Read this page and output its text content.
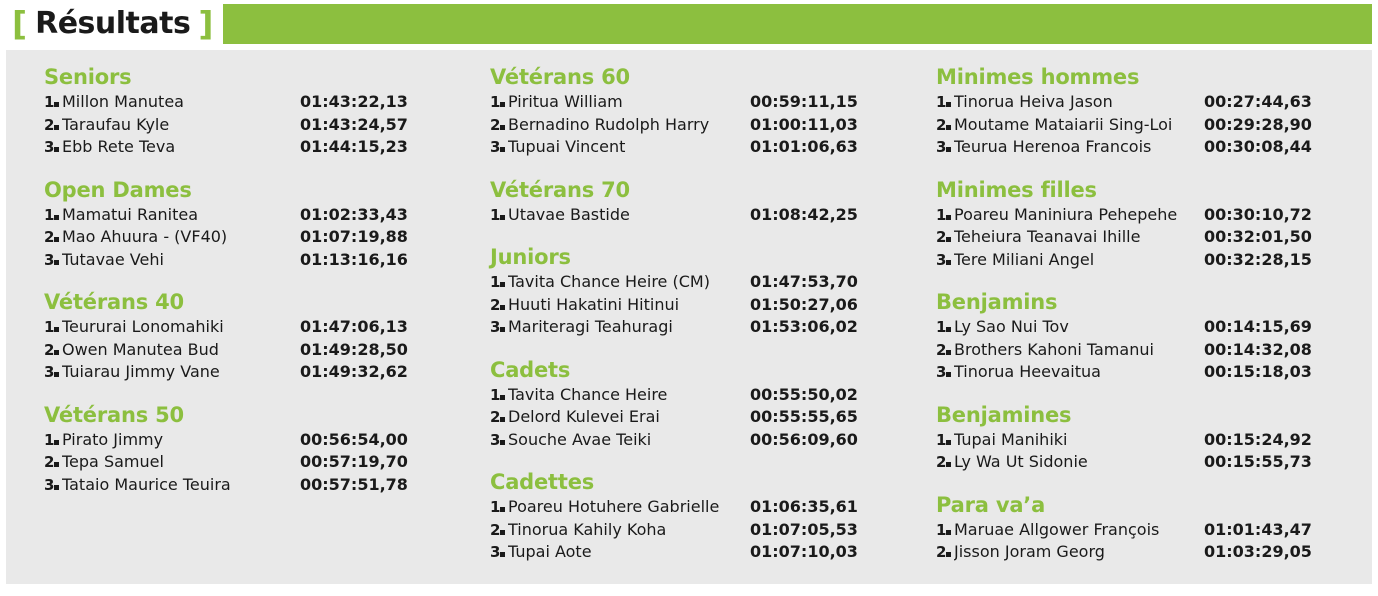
[ Résultats ]
Seniors
1 Millon Manutea	01:43:22,13
2 Taraufau Kyle	01:43:24,57
3 Ebb Rete Teva	01:44:15,23
Open Dames
1 Mamatui Ranitea	01:02:33,43
2 Mao Ahuura - (VF40)	01:07:19,88
3 Tutavae Vehi	01:13:16,16
Vétérans 40
1 Teururai Lonomahiki	01:47:06,13
2 Owen Manutea Bud	01:49:28,50
3 Tuiarau Jimmy Vane	01:49:32,62
Vétérans 50
1 Pirato Jimmy	00:56:54,00
2 Tepa Samuel	00:57:19,70
3 Tataio Maurice Teuira	00:57:51,78
Vétérans 60
1 Piritua William	00:59:11,15
2 Bernadino Rudolph Harry	01:00:11,03
3 Tupuai Vincent	01:01:06,63
Vétérans 70
1 Utavae Bastide	01:08:42,25
Juniors
1 Tavita Chance Heire (CM)	01:47:53,70
2 Huuti Hakatini Hitinui	01:50:27,06
3 Mariteragi Teahuragi	01:53:06,02
Cadets
1 Tavita Chance Heire	00:55:50,02
2 Delord Kulevei Erai	00:55:55,65
3 Souche Avae Teiki	00:56:09,60
Cadettes
1 Poareu Hotuhere Gabrielle	01:06:35,61
2 Tinorua Kahily Koha	01:07:05,53
3 Tupai Aote	01:07:10,03
Minimes hommes
1 Tinorua Heiva Jason	00:27:44,63
2 Moutame Mataiarii Sing-Loi	00:29:28,90
3 Teurua Herenoa Francois	00:30:08,44
Minimes filles
1 Poareu Maniniura Pehepehe	00:30:10,72
2 Teheiura Teanavai Ihille	00:32:01,50
3 Tere Miliani Angel	00:32:28,15
Benjamins
1 Ly Sao Nui Tov	00:14:15,69
2 Brothers Kahoni Tamanui	00:14:32,08
3 Tinorua Heevaitua	00:15:18,03
Benjamines
1 Tupai Manihiki	00:15:24,92
2 Ly Wa Ut Sidonie	00:15:55,73
Para va’a
1 Maruae Allgower François	01:01:43,47
2 Jisson Joram Georg	01:03:29,05
